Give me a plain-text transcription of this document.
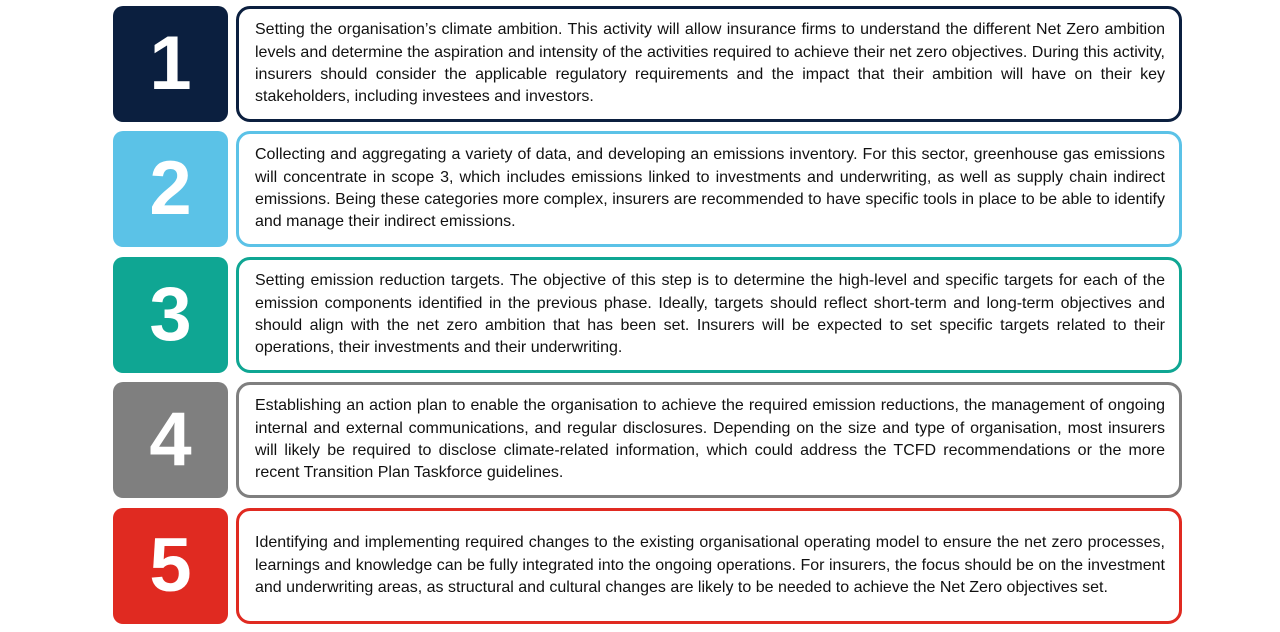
1	Setting the organisation’s climate ambition. This activity will allow insurance firms to understand the different Net Zero ambition levels and determine the aspiration and intensity of the activities required to achieve their net zero objectives. During this activity, insurers should consider the applicable regulatory requirements and the impact that their ambition will have on their key stakeholders, including investees and investors.

2	Collecting and aggregating a variety of data, and developing an emissions inventory. For this sector, greenhouse gas emissions will concentrate in scope 3, which includes emissions linked to investments and underwriting, as well as supply chain indirect emissions. Being these categories more complex, insurers are recommended to have specific tools in place to be able to identify and manage their indirect emissions.

3	Setting emission reduction targets. The objective of this step is to determine the high-level and specific targets for each of the emission components identified in the previous phase. Ideally, targets should reflect short-term and long-term objectives and should align with the net zero ambition that has been set. Insurers will be expected to set specific targets related to their operations, their investments and their underwriting.

4	Establishing an action plan to enable the organisation to achieve the required emission reductions, the management of ongoing internal and external communications, and regular disclosures. Depending on the size and type of organisation, most insurers will likely be required to disclose climate-related information, which could address the TCFD recommendations or the more recent Transition Plan Taskforce guidelines.

5	Identifying and implementing required changes to the existing organisational operating model to ensure the net zero processes, learnings and knowledge can be fully integrated into the ongoing operations. For insurers, the focus should be on the investment and underwriting areas, as structural and cultural changes are likely to be needed to achieve the Net Zero objectives set.
